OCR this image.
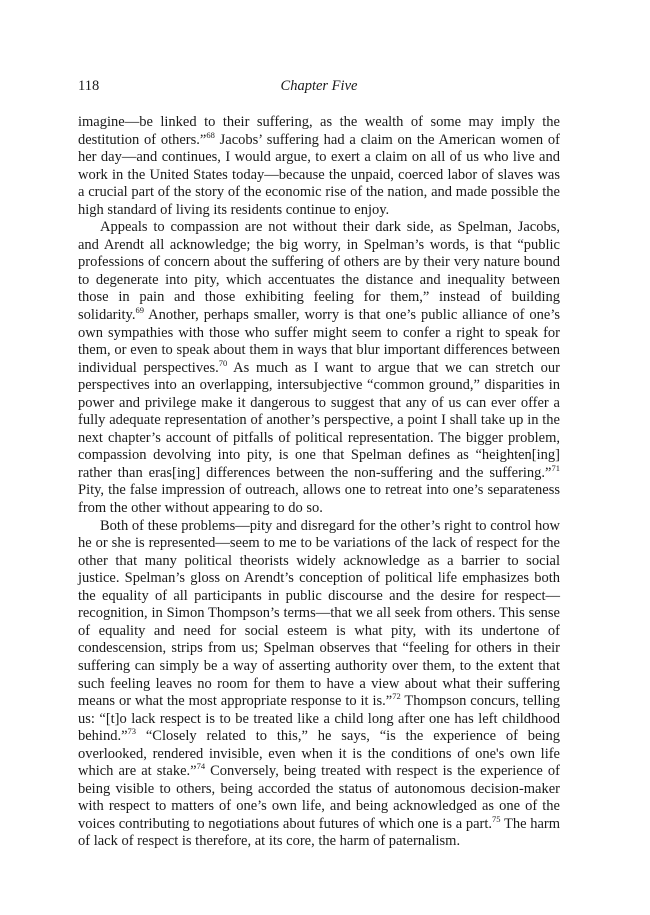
118	Chapter Five

imagine—be linked to their suffering, as the wealth of some may imply the destitution of others.”$^{68}$ Jacobs’ suffering had a claim on the American women of her day—and continues, I would argue, to exert a claim on all of us who live and work in the United States today—because the unpaid, coerced labor of slaves was a crucial part of the story of the economic rise of the nation, and made possible the high standard of living its residents continue to enjoy.

Appeals to compassion are not without their dark side, as Spelman, Jacobs, and Arendt all acknowledge; the big worry, in Spelman’s words, is that “public professions of concern about the suffering of others are by their very nature bound to degenerate into pity, which accentuates the distance and inequality between those in pain and those exhibiting feeling for them,” instead of building solidarity.$^{69}$ Another, perhaps smaller, worry is that one’s public alliance of one’s own sympathies with those who suffer might seem to confer a right to speak for them, or even to speak about them in ways that blur important differences between individual perspectives.$^{70}$ As much as I want to argue that we can stretch our perspectives into an overlapping, intersubjective “common ground,” disparities in power and privilege make it dangerous to suggest that any of us can ever offer a fully adequate representation of another’s perspective, a point I shall take up in the next chapter’s account of pitfalls of political representation. The bigger problem, compassion devolving into pity, is one that Spelman defines as “heighten[ing] rather than eras[ing] differences between the non-suffering and the suffering.”$^{71}$ Pity, the false impression of outreach, allows one to retreat into one’s separateness from the other without appearing to do so.

Both of these problems—pity and disregard for the other’s right to control how he or she is represented—seem to me to be variations of the lack of respect for the other that many political theorists widely acknowledge as a barrier to social justice. Spelman’s gloss on Arendt’s conception of political life emphasizes both the equality of all participants in public discourse and the desire for respect—recognition, in Simon Thompson’s terms—that we all seek from others. This sense of equality and need for social esteem is what pity, with its undertone of condescension, strips from us; Spelman observes that “feeling for others in their suffering can simply be a way of asserting authority over them, to the extent that such feeling leaves no room for them to have a view about what their suffering means or what the most appropriate response to it is.”$^{72}$ Thompson concurs, telling us: “[t]o lack respect is to be treated like a child long after one has left childhood behind.”$^{73}$ “Closely related to this,” he says, “is the experience of being overlooked, rendered invisible, even when it is the conditions of one's own life which are at stake.”$^{74}$ Conversely, being treated with respect is the experience of being visible to others, being accorded the status of autonomous decision-maker with respect to matters of one’s own life, and being acknowledged as one of the voices contributing to negotiations about futures of which one is a part.$^{75}$ The harm of lack of respect is therefore, at its core, the harm of paternalism.
